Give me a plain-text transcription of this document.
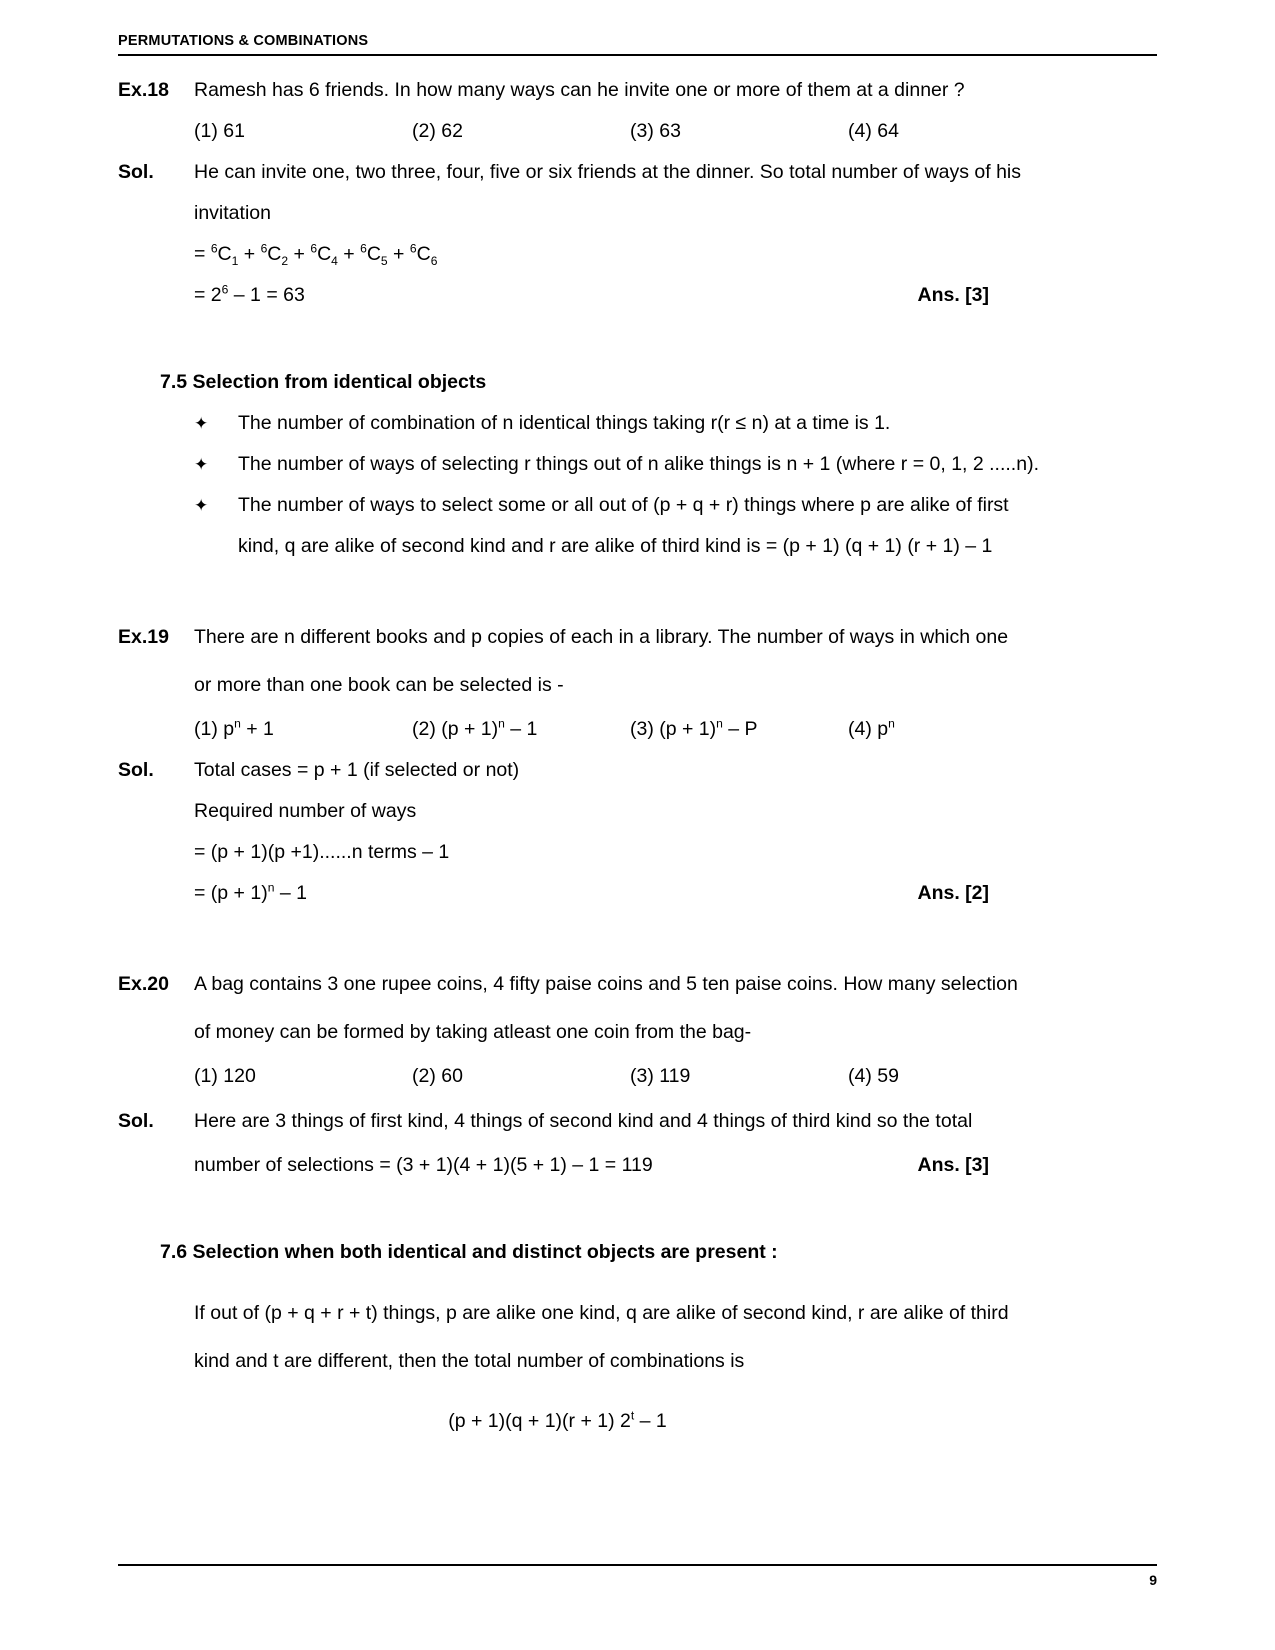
PERMUTATIONS & COMBINATIONS
Ex.18	Ramesh has 6 friends. In how many ways can he invite one or more of them at a dinner ?
(1) 61	(2) 62	(3) 63	(4) 64
Sol.	He can invite one, two three, four, five or six friends at the dinner. So total number of ways of his
invitation
= $^6C_1 + ^6C_2 + ^6C_4 + ^6C_5 + ^6C_6$
= $2^6 - 1 = 63$	Ans. [3]
7.5 Selection from identical objects
✦	The number of combination of n identical things taking r(r ≤ n) at a time is 1.
✦	The number of ways of selecting r things out of n alike things is n + 1 (where r = 0, 1, 2 .....n).
✦	The number of ways to select some or all out of (p + q + r) things where p are alike of first
kind, q are alike of second kind and r are alike of third kind is = (p + 1) (q + 1) (r + 1) – 1
Ex.19	There are n different books and p copies of each in a library. The number of ways in which one
or more than one book can be selected is -
(1) $p^n + 1$	(2) $(p + 1)^n - 1$	(3) $(p + 1)^n - P$	(4) $p^n$
Sol.	Total cases = p + 1 (if selected or not)
Required number of ways
= (p + 1)(p +1)......n terms – 1
= $(p + 1)^n - 1$	Ans. [2]
Ex.20	A bag contains 3 one rupee coins, 4 fifty paise coins and 5 ten paise coins. How many selection
of money can be formed by taking atleast one coin from the bag-
(1) 120	(2) 60	(3) 119	(4) 59
Sol.	Here are 3 things of first kind, 4 things of second kind and 4 things of third kind so the total
number of selections = (3 + 1)(4 + 1)(5 + 1) – 1 = 119	Ans. [3]
7.6 Selection when both identical and distinct objects are present :
If out of (p + q + r + t) things, p are alike one kind, q are alike of second kind, r are alike of third
kind and t are different, then the total number of combinations is
(p + 1)(q + 1)(r + 1) 2$^t$ – 1
9
